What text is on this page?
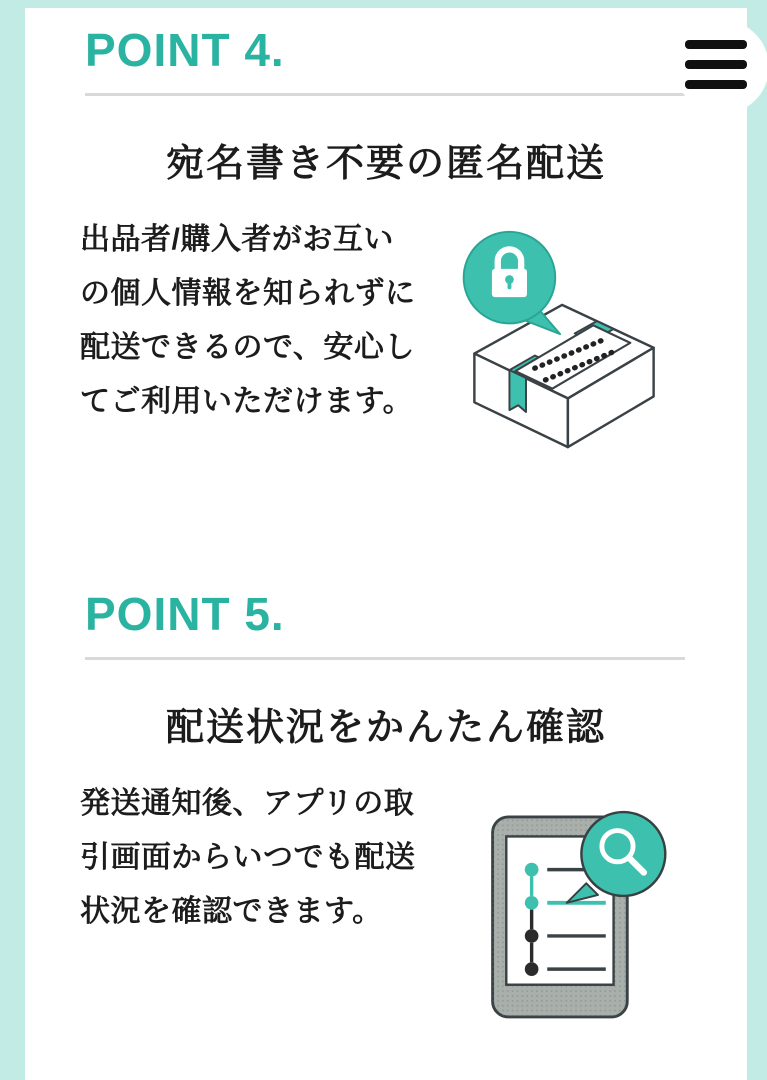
POINT 4.
宛名書き不要の匿名配送
出品者/購入者がお互い
の個人情報を知られずに
配送できるので、安心し
てご利用いただけます。
POINT 5.
配送状況をかんたん確認
発送通知後、アプリの取
引画面からいつでも配送
状況を確認できます。
